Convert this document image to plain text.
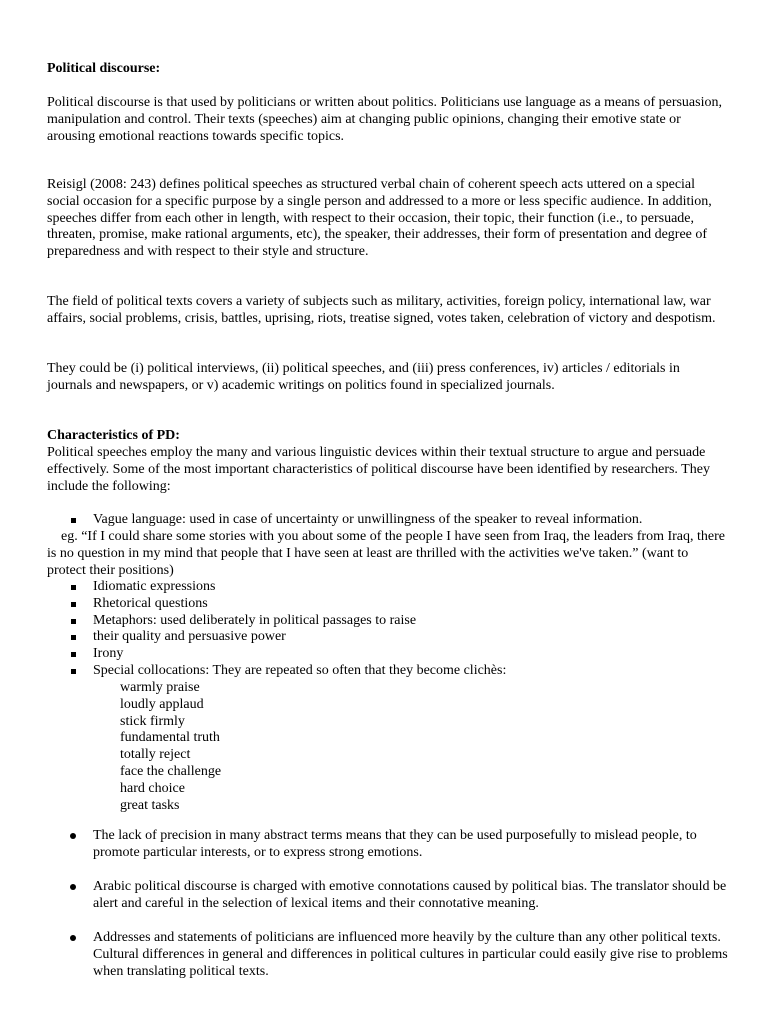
Political discourse:

Political discourse is that used by politicians or written about politics. Politicians use language as a means of persuasion, manipulation and control. Their texts (speeches) aim at changing public opinions, changing their emotive state or arousing emotional reactions towards specific topics.

Reisigl (2008: 243) defines political speeches as structured verbal chain of coherent speech acts uttered on a special social occasion for a specific purpose by a single person and addressed to a more or less specific audience. In addition, speeches differ from each other in length, with respect to their occasion, their topic, their function (i.e., to persuade, threaten, promise, make rational arguments, etc), the speaker, their addresses, their form of presentation and degree of preparedness and with respect to their style and structure.

The field of political texts covers a variety of subjects such as military, activities, foreign policy, international law, war affairs, social problems, crisis, battles, uprising, riots, treatise signed, votes taken, celebration of victory and despotism.

They could be (i) political interviews, (ii) political speeches, and (iii) press conferences, iv) articles / editorials in journals and newspapers, or v) academic writings on politics found in specialized journals.

Characteristics of PD:

Political speeches employ the many and various linguistic devices within their textual structure to argue and persuade effectively. Some of the most important characteristics of political discourse have been identified by researchers. They include the following:

Vague language: used in case of uncertainty or unwillingness of the speaker to reveal information.

eg. “If I could share some stories with you about some of the people I have seen from Iraq, the leaders from Iraq, there is no question in my mind that people that I have seen at least are thrilled with the activities we've taken.” (want to protect their positions)

Idiomatic expressions
Rhetorical questions
Metaphors: used deliberately in political passages to raise
their quality and persuasive power
Irony
Special collocations: They are repeated so often that they become clichès:
warmly praise
loudly applaud
stick firmly
fundamental truth
totally reject
face the challenge
hard choice
great tasks
The lack of precision in many abstract terms means that they can be used purposefully to mislead people, to promote particular interests, or to express strong emotions.
Arabic political discourse is charged with emotive connotations caused by political bias. The translator should be alert and careful in the selection of lexical items and their connotative meaning.
Addresses and statements of politicians are influenced more heavily by the culture than any other political texts. Cultural differences in general and differences in political cultures in particular could easily give rise to problems when translating political texts.
